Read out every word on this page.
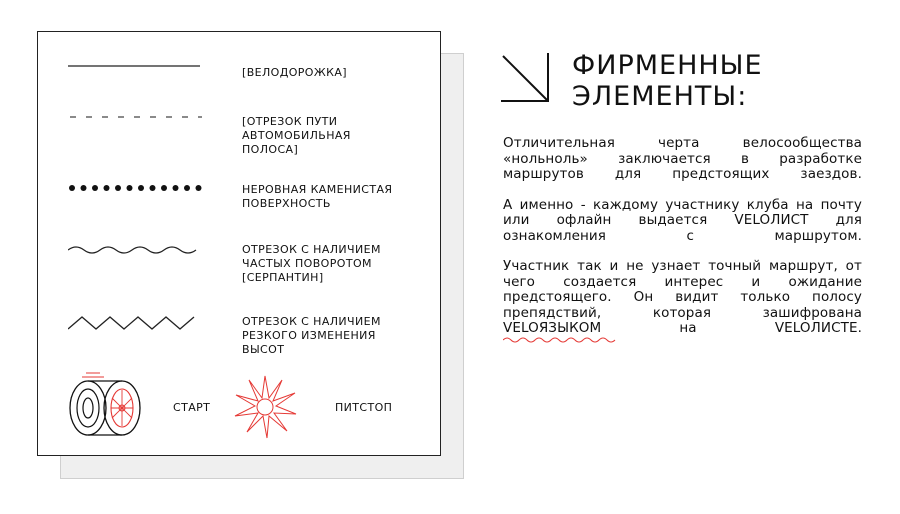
[ВЕЛОДОРОЖКА]
[ОТРЕЗОК ПУТИ
АВТОМОБИЛЬНАЯ
ПОЛОСА]
НЕРОВНАЯ КАМЕНИСТАЯ
ПОВЕРХНОСТЬ
ОТРЕЗОК С НАЛИЧИЕМ
ЧАСТЫХ ПОВОРОТОМ
[СЕРПАНТИН]
ОТРЕЗОК С НАЛИЧИЕМ
РЕЗКОГО ИЗМЕНЕНИЯ
ВЫСОТ
СТАРТ	ПИТСТОП
ФИРМЕННЫЕ
ЭЛЕМЕНТЫ:

Отличительная черта велосообщества «нольноль» заключается в разработке маршрутов для предстоящих заездов.

А именно - каждому участнику клуба на почту или офлайн выдается VELOЛИСТ для ознакомления с маршрутом.

Участник так и не узнает точный маршрут, от чего создается интерес и ожидание предстоящего. Он видит только полосу препядствий, которая зашифрована VELOЯЗЫКОМ
на VELOЛИСТЕ.
